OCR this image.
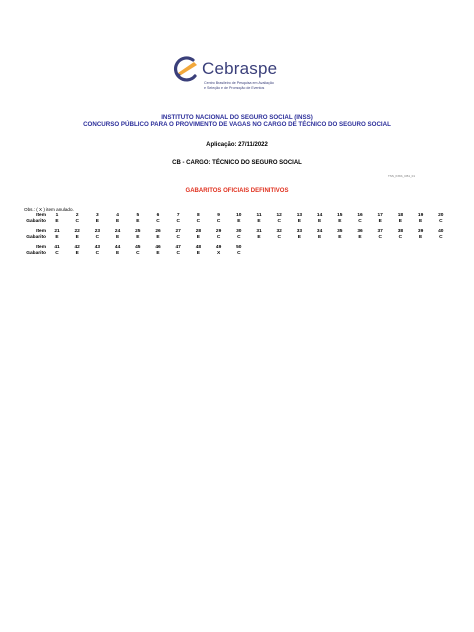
Cebraspe
Centro Brasileiro de Pesquisa em Avaliação
e Seleção e de Promoção de Eventos
INSTITUTO NACIONAL DO SEGURO SOCIAL (INSS)
CONCURSO PÚBLICO PARA O PROVIMENTO DE VAGAS NO CARGO DE TÉCNICO DO SEGURO SOCIAL
Aplicação: 27/11/2022
CB - CARGO: TÉCNICO DO SEGURO SOCIAL
TSS_INSS_CB1_01
GABARITOS OFICIAIS DEFINITIVOS
Obs.: ( X ) item anulado.
Item	1	2	3	4	5	6	7	8	9	10	11	12	13	14	15	16	17	18	19	20
Gabarito	E	C	E	E	E	C	C	C	C	E	E	C	E	E	E	C	E	E	E	C
Item	21	22	23	24	25	26	27	28	29	30	31	32	33	34	35	36	37	38	39	40
Gabarito	E	E	C	E	E	E	C	E	C	C	E	C	E	E	E	E	C	C	E	C
Item	41	42	43	44	45	46	47	48	49	50
Gabarito	C	E	C	E	C	E	C	E	X	C
